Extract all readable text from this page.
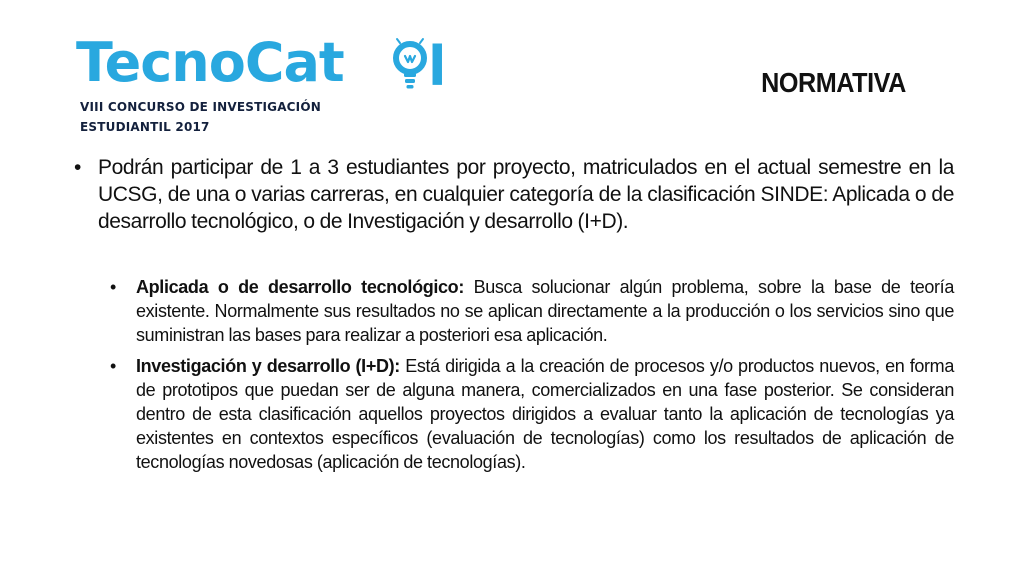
TecnoCat l
VIII CONCURSO DE INVESTIGACIÓN
ESTUDIANTIL 2017
NORMATIVA
• Podrán participar de 1 a 3 estudiantes por proyecto, matriculados en el actual semestre en la UCSG, de una o varias carreras, en cualquier categoría de la clasificación SINDE: Aplicada o de desarrollo tecnológico, o de Investigación y desarrollo (I+D).
• Aplicada o de desarrollo tecnológico: Busca solucionar algún problema, sobre la base de teoría existente. Normalmente sus resultados no se aplican directamente a la producción o los servicios sino que suministran las bases para realizar a posteriori esa aplicación.
• Investigación y desarrollo (I+D): Está dirigida a la creación de procesos y/o productos nuevos, en forma de prototipos que puedan ser de alguna manera, comercializados en una fase posterior. Se consideran dentro de esta clasificación aquellos proyectos dirigidos a evaluar tanto la aplicación de tecnologías ya existentes en contextos específicos (evaluación de tecnologías) como los resultados de aplicación de tecnologías novedosas (aplicación de tecnologías).
